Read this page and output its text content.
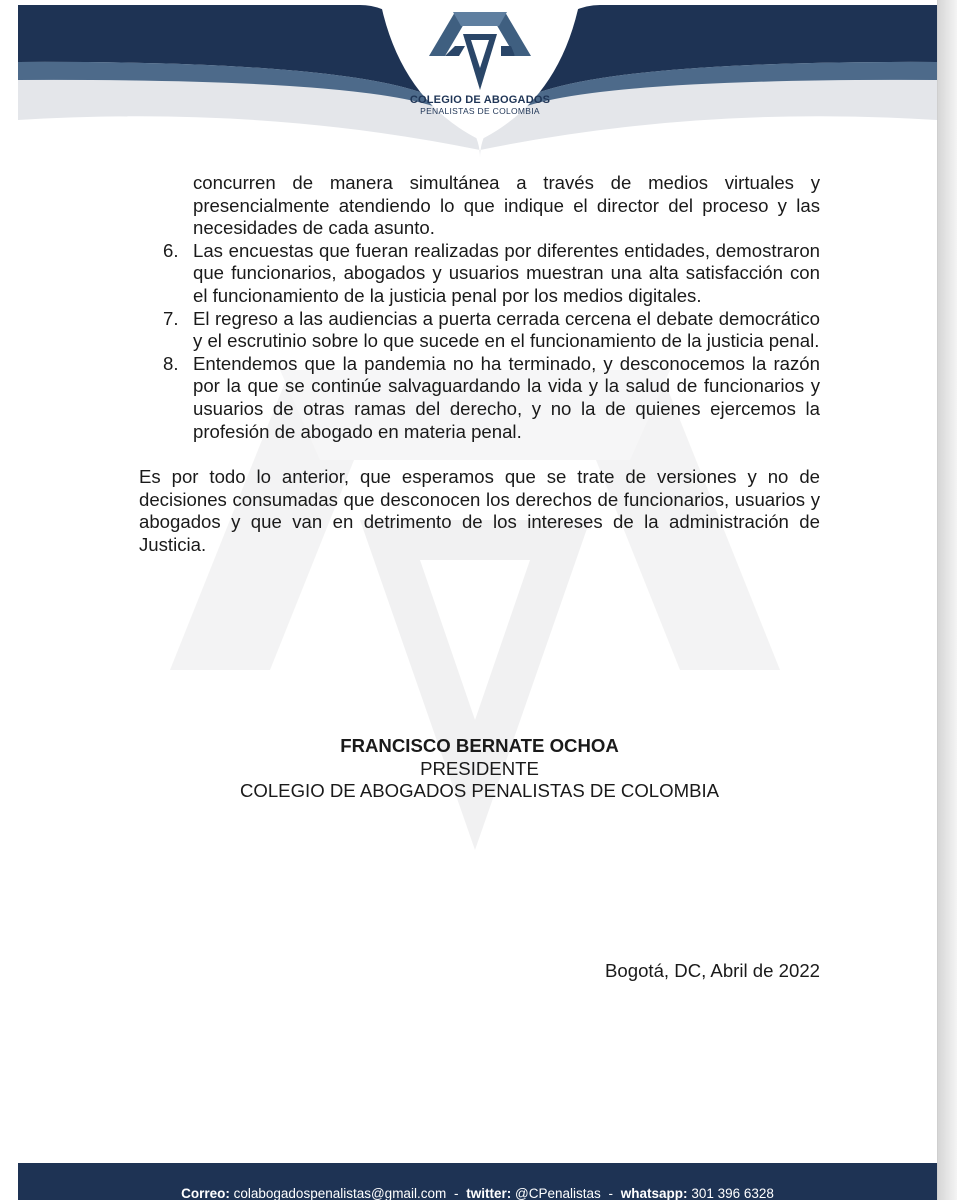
COLEGIO DE ABOGADOS
PENALISTAS DE COLOMBIA
concurren de manera simultánea a través de medios virtuales y presencialmente atendiendo lo que indique el director del proceso y las necesidades de cada asunto.
6. Las encuestas que fueran realizadas por diferentes entidades, demostraron que funcionarios, abogados y usuarios muestran una alta satisfacción con el funcionamiento de la justicia penal por los medios digitales.
7. El regreso a las audiencias a puerta cerrada cercena el debate democrático y el escrutinio sobre lo que sucede en el funcionamiento de la justicia penal.
8. Entendemos que la pandemia no ha terminado, y desconocemos la razón por la que se continúe salvaguardando la vida y la salud de funcionarios y usuarios de otras ramas del derecho, y no la de quienes ejercemos la profesión de abogado en materia penal.
Es por todo lo anterior, que esperamos que se trate de versiones y no de decisiones consumadas que desconocen los derechos de funcionarios, usuarios y abogados y que van en detrimento de los intereses de la administración de Justicia.
FRANCISCO BERNATE OCHOA
PRESIDENTE
COLEGIO DE ABOGADOS PENALISTAS DE COLOMBIA
Bogotá, DC, Abril de 2022
Correo: colabogadospenalistas@gmail.com - twitter: @CPenalistas - whatsapp: 301 396 6328
